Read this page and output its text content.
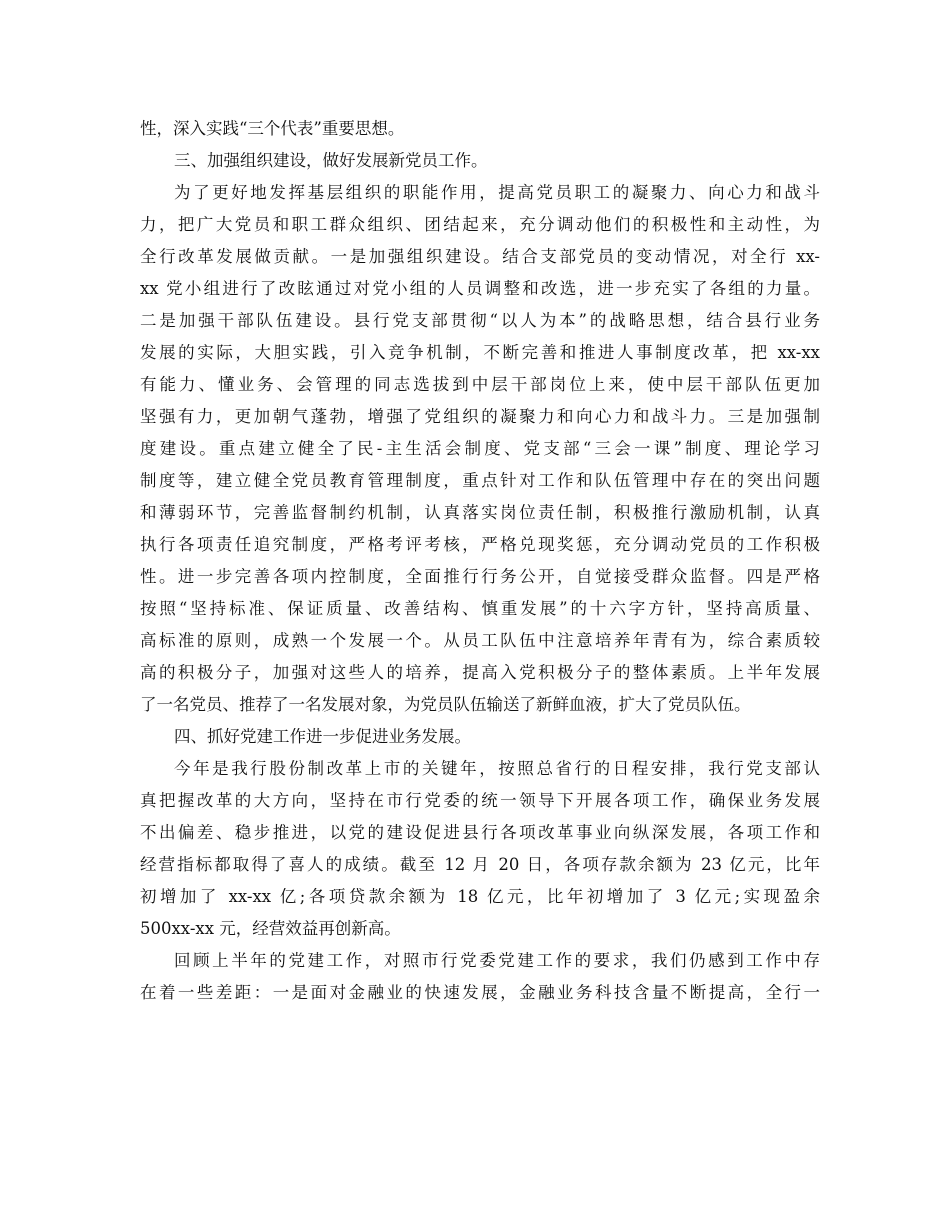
性，深入实践“三个代表”重要思想。
三、加强组织建设，做好发展新党员工作。
为了更好地发挥基层组织的职能作用，提高党员职工的凝聚力、向心力和战斗
力，把广大党员和职工群众组织、团结起来，充分调动他们的积极性和主动性，为
全行改革发展做贡献。一是加强组织建设。结合支部党员的变动情况，对全行 xx-
xx 党小组进行了改眩通过对党小组的人员调整和改选，进一步充实了各组的力量。
二是加强干部队伍建设。县行党支部贯彻“以人为本”的战略思想，结合县行业务
发展的实际，大胆实践，引入竞争机制，不断完善和推进人事制度改革，把 xx-xx
有能力、懂业务、会管理的同志选拔到中层干部岗位上来，使中层干部队伍更加
坚强有力，更加朝气蓬勃，增强了党组织的凝聚力和向心力和战斗力。三是加强制
度建设。重点建立健全了民-主生活会制度、党支部“三会一课”制度、理论学习
制度等，建立健全党员教育管理制度，重点针对工作和队伍管理中存在的突出问题
和薄弱环节，完善监督制约机制，认真落实岗位责任制，积极推行激励机制，认真
执行各项责任追究制度，严格考评考核，严格兑现奖惩，充分调动党员的工作积极
性。进一步完善各项内控制度，全面推行行务公开，自觉接受群众监督。四是严格
按照“坚持标准、保证质量、改善结构、慎重发展”的十六字方针，坚持高质量、
高标准的原则，成熟一个发展一个。从员工队伍中注意培养年青有为，综合素质较
高的积极分子，加强对这些人的培养，提高入党积极分子的整体素质。上半年发展
了一名党员、推荐了一名发展对象，为党员队伍输送了新鲜血液，扩大了党员队伍。
四、抓好党建工作进一步促进业务发展。
今年是我行股份制改革上市的关键年，按照总省行的日程安排，我行党支部认
真把握改革的大方向，坚持在市行党委的统一领导下开展各项工作，确保业务发展
不出偏差、稳步推进，以党的建设促进县行各项改革事业向纵深发展，各项工作和
经营指标都取得了喜人的成绩。截至 12 月 20 日，各项存款余额为 23 亿元，比年
初增加了 xx-xx 亿;各项贷款余额为 18 亿元，比年初增加了 3 亿元;实现盈余
500xx-xx 元，经营效益再创新高。
回顾上半年的党建工作，对照市行党委党建工作的要求，我们仍感到工作中存
在着一些差距：一是面对金融业的快速发展，金融业务科技含量不断提高，全行一
